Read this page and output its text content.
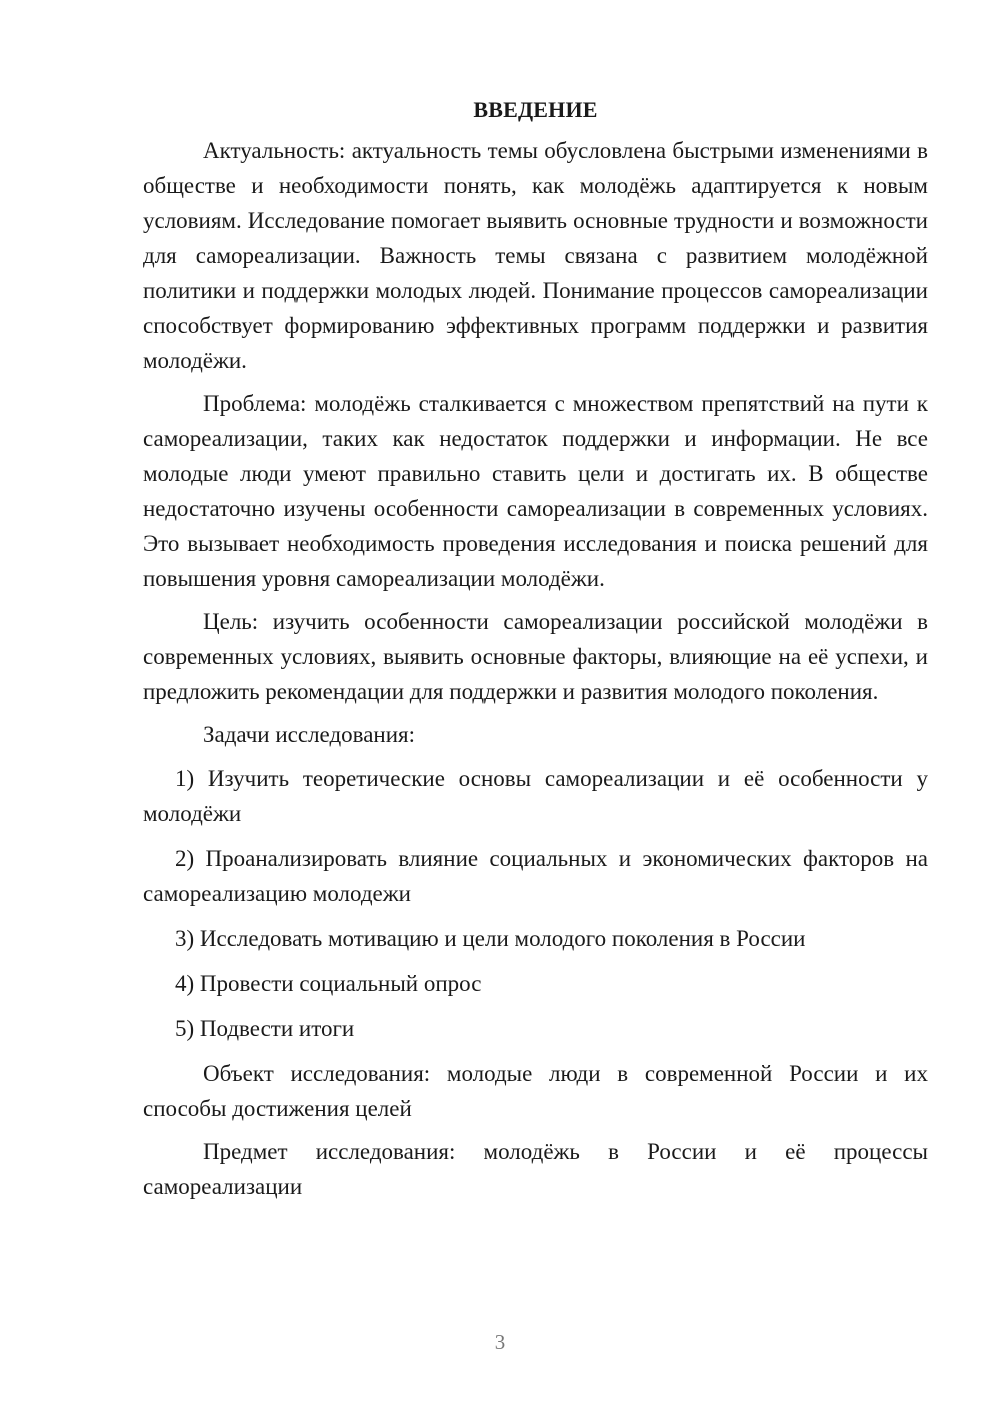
ВВЕДЕНИЕ

Актуальность: актуальность темы обусловлена быстрыми изменениями в обществе и необходимости понять, как молодёжь адаптируется к новым условиям. Исследование помогает выявить основные трудности и возможности для самореализации. Важность темы связана с развитием молодёжной политики и поддержки молодых людей. Понимание процессов самореализации способствует формированию эффективных программ поддержки и развития молодёжи.

Проблема: молодёжь сталкивается с множеством препятствий на пути к самореализации, таких как недостаток поддержки и информации. Не все молодые люди умеют правильно ставить цели и достигать их. В обществе недостаточно изучены особенности самореализации в современных условиях. Это вызывает необходимость проведения исследования и поиска решений для повышения уровня самореализации молодёжи.

Цель: изучить особенности самореализации российской молодёжи в современных условиях, выявить основные факторы, влияющие на её успехи, и предложить рекомендации для поддержки и развития молодого поколения.

Задачи исследования:

1) Изучить теоретические основы самореализации и её особенности у молодёжи

2) Проанализировать влияние социальных и экономических факторов на самореализацию молодежи

3) Исследовать мотивацию и цели молодого поколения в России

4) Провести социальный опрос

5) Подвести итоги

Объект исследования: молодые люди в современной России и их способы достижения целей

Предмет исследования: молодёжь в России и её процессы самореализации

3
